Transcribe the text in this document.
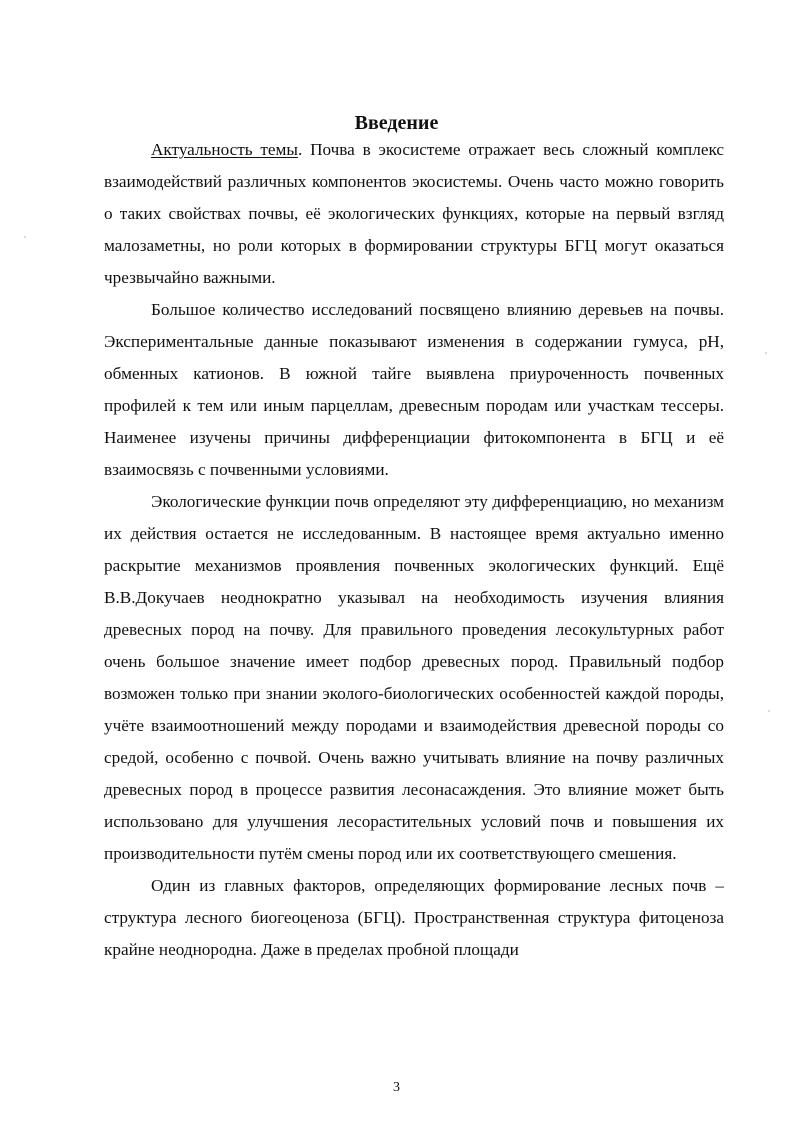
Введение

Актуальность темы. Почва в экосистеме отражает весь сложный комплекс взаимодействий различных компонентов экосистемы. Очень часто можно говорить о таких свойствах почвы, её экологических функциях, которые на первый взгляд малозаметны, но роли которых в формировании структуры БГЦ могут оказаться чрезвычайно важными.

Большое количество исследований посвящено влиянию деревьев на почвы. Экспериментальные данные показывают изменения в содержании гумуса, pH, обменных катионов. В южной тайге выявлена приуроченность почвенных профилей к тем или иным парцеллам, древесным породам или участкам тессеры. Наименее изучены причины дифференциации фитокомпонента в БГЦ и её взаимосвязь с почвенными условиями.

Экологические функции почв определяют эту дифференциацию, но механизм их действия остается не исследованным. В настоящее время актуально именно раскрытие механизмов проявления почвенных экологических функций. Ещё В.В.Докучаев неоднократно указывал на необходимость изучения влияния древесных пород на почву. Для правильного проведения лесокультурных работ очень большое значение имеет подбор древесных пород. Правильный подбор возможен только при знании эколого-биологических особенностей каждой породы, учёте взаимоотношений между породами и взаимодействия древесной породы со средой, особенно с почвой. Очень важно учитывать влияние на почву различных древесных пород в процессе развития лесонасаждения. Это влияние может быть использовано для улучшения лесорастительных условий почв и повышения их производительности путём смены пород или их соответствующего смешения.

Один из главных факторов, определяющих формирование лесных почв – структура лесного биогеоценоза (БГЦ). Пространственная структура фитоценоза крайне неоднородна. Даже в пределах пробной площади

3
